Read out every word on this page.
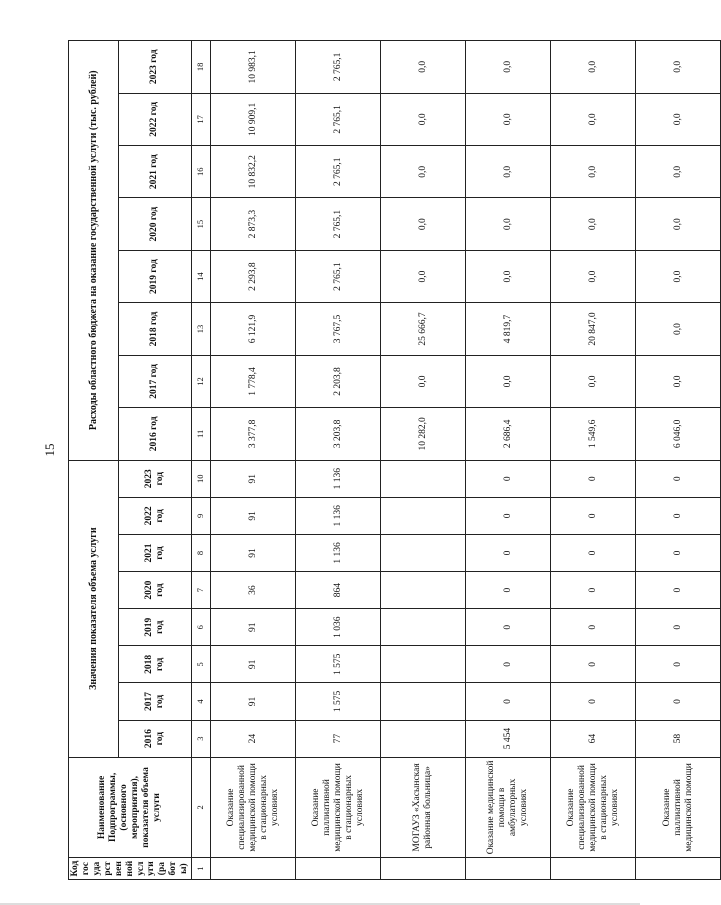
15
Код государственной услуги (работы)	Наименование Подпрограммы, (основного мероприятия), показателя объема услуги	Значения показателя объема услуги								Расходы областного бюджета на оказание государственной услуги (тыс. рублей)							
		2016 год	2017 год	2018 год	2019 год	2020 год	2021 год	2022 год	2023 год	2016 год	2017 год	2018 год	2019 год	2020 год	2021 год	2022 год	2023 год
1	2	3	4	5	6	7	8	9	10	11	12	13	14	15	16	17	18
	Оказание специализированной медицинской помощи в стационарных условиях	24	91	91	91	36	91	91	91	3 377,8	1 778,4	6 121,9	2 293,8	2 873,3	10 832,2	10 909,1	10 983,1
	Оказание паллиативной медицинской помощи в стационарных условиях	77	1 575	1 575	1 036	864	1 136	1 136	1 136	3 203,8	2 203,8	3 767,5	2 765,1	2 765,1	2 765,1	2 765,1	2 765,1
	МОГАУЗ «Хасынская районная больница»									10 282,0	0,0	25 666,7	0,0	0,0	0,0	0,0	0,0
	Оказание медицинской помощи в амбулаторных условиях	5 454	0	0	0	0	0	0	0	2 686,4	0,0	4 819,7	0,0	0,0	0,0	0,0	0,0
	Оказание специализированной медицинской помощи в стационарных условиях	64	0	0	0	0	0	0	0	1 549,6	0,0	20 847,0	0,0	0,0	0,0	0,0	0,0
	Оказание паллиативной медицинской помощи	58	0	0	0	0	0	0	0	6 046,0	0,0	0,0	0,0	0,0	0,0	0,0	0,0
